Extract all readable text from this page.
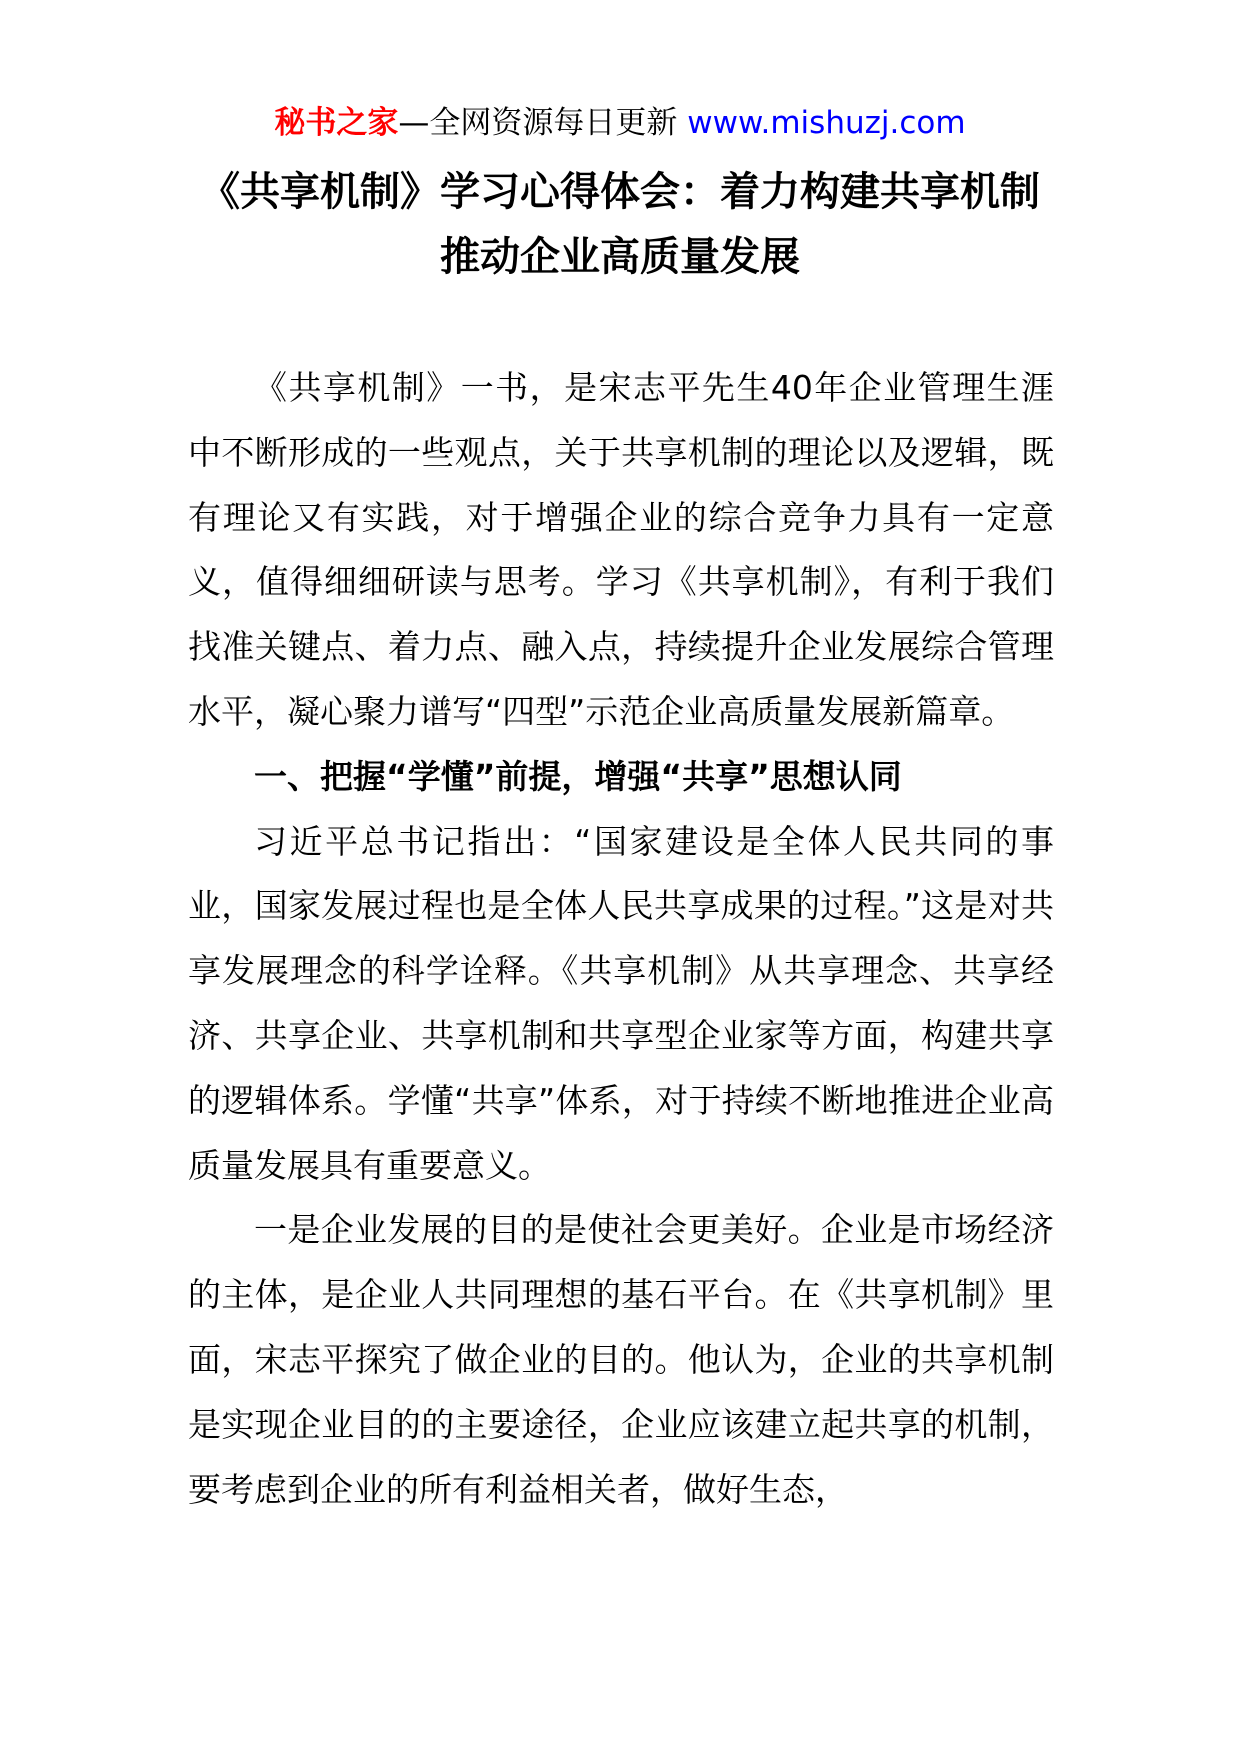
秘书之家—全网资源每日更新 www.mishuzj.com
《共享机制》学习心得体会：着力构建共享机制推动企业高质量发展

《共享机制》一书，是宋志平先生40年企业管理生涯中不断形成的一些观点，关于共享机制的理论以及逻辑，既有理论又有实践，对于增强企业的综合竞争力具有一定意义，值得细细研读与思考。学习《共享机制》，有利于我们找准关键点、着力点、融入点，持续提升企业发展综合管理水平，凝心聚力谱写“四型”示范企业高质量发展新篇章。

一、把握“学懂”前提，增强“共享”思想认同

习近平总书记指出：“国家建设是全体人民共同的事业，国家发展过程也是全体人民共享成果的过程。”这是对共享发展理念的科学诠释。《共享机制》从共享理念、共享经济、共享企业、共享机制和共享型企业家等方面，构建共享的逻辑体系。学懂“共享”体系，对于持续不断地推进企业高质量发展具有重要意义。

一是企业发展的目的是使社会更美好。企业是市场经济的主体，是企业人共同理想的基石平台。在《共享机制》里面，宋志平探究了做企业的目的。他认为，企业的共享机制是实现企业目的的主要途径，企业应该建立起共享的机制，要考虑到企业的所有利益相关者，做好生态，
